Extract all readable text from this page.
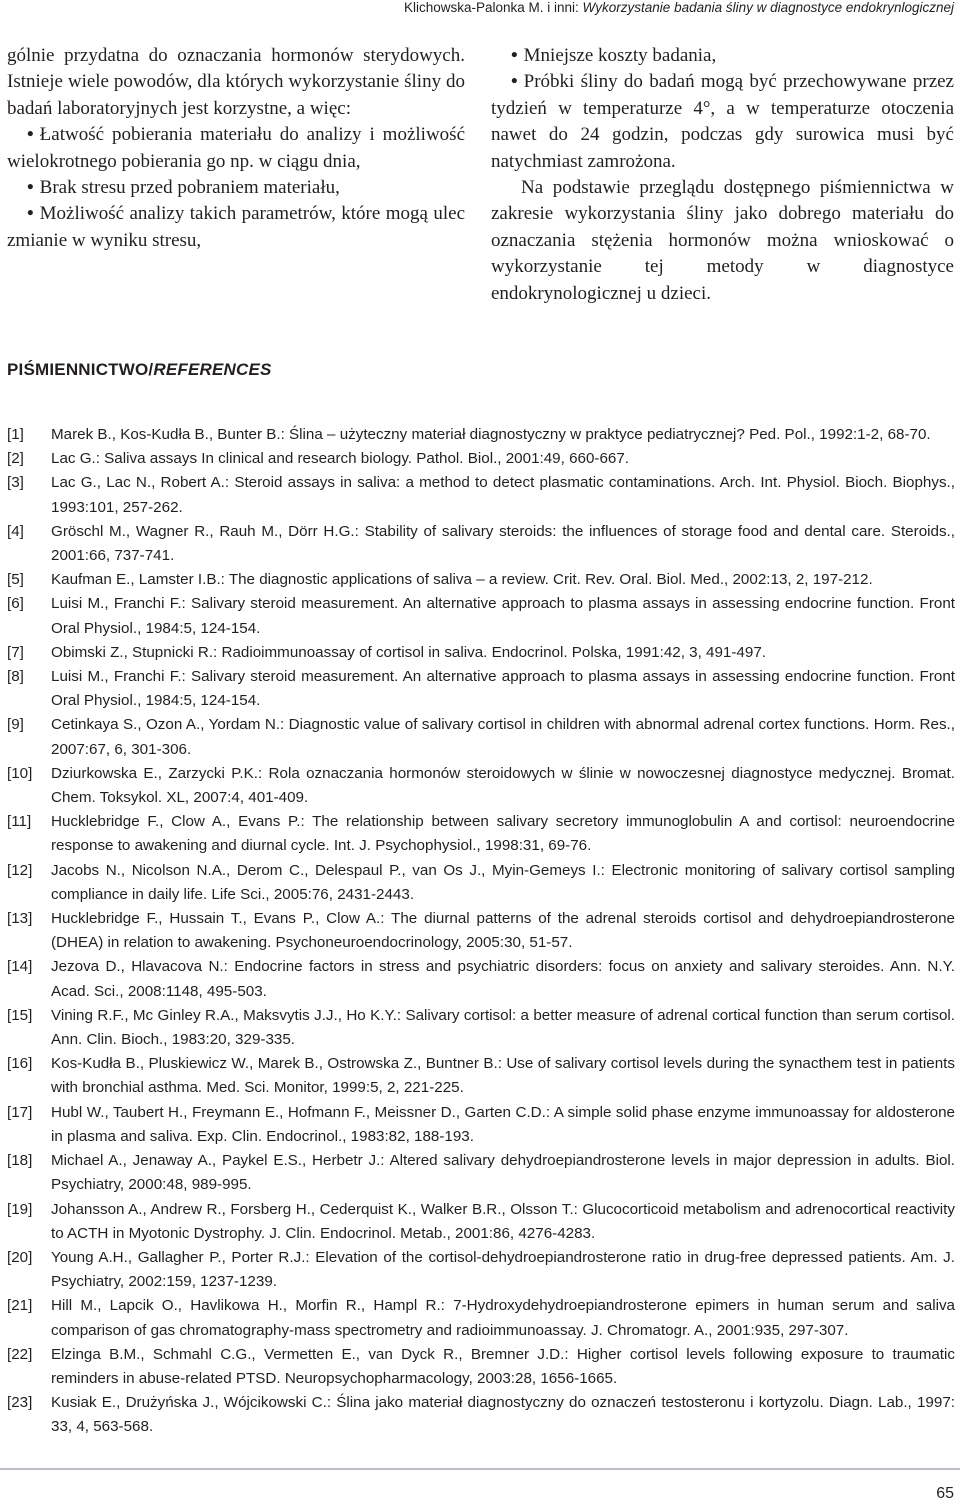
Klichowska-Palonka M. i inni: Wykorzystanie badania śliny w diagnostyce endokrynlogicznej

gólnie przydatna do oznaczania hormonów sterydowych. Istnieje wiele powodów, dla których wykorzystanie śliny do badań laboratoryjnych jest korzystne, a więc:

• Łatwość pobierania materiału do analizy i możliwość wielokrotnego pobierania go np. w ciągu dnia,

• Brak stresu przed pobraniem materiału,

• Możliwość analizy takich parametrów, które mogą ulec zmianie w wyniku stresu,

• Mniejsze koszty badania,

• Próbki śliny do badań mogą być przechowywane przez tydzień w temperaturze 4°, a w temperaturze otoczenia nawet do 24 godzin, podczas gdy surowica musi być natychmiast zamrożona.

Na podstawie przeglądu dostępnego piśmiennictwa w zakresie wykorzystania śliny jako dobrego materiału do oznaczania stężenia hormonów można wnioskować o wykorzystanie tej metody w diagnostyce endokrynologicznej u dzieci.

PIŚMIENNICTWO/REFERENCES
[1] Marek B., Kos-Kudła B., Bunter B.: Ślina – użyteczny materiał diagnostyczny w praktyce pediatrycznej? Ped. Pol., 1992:1-2, 68-70.
[2] Lac G.: Saliva assays In clinical and research biology. Pathol. Biol., 2001:49, 660-667.
[3] Lac G., Lac N., Robert A.: Steroid assays in saliva: a method to detect plasmatic contaminations. Arch. Int. Physiol. Bioch. Biophys., 1993:101, 257-262.
[4] Gröschl M., Wagner R., Rauh M., Dörr H.G.: Stability of salivary steroids: the influences of storage food and dental care. Steroids., 2001:66, 737-741.
[5] Kaufman E., Lamster I.B.: The diagnostic applications of saliva – a review. Crit. Rev. Oral. Biol. Med., 2002:13, 2, 197-212.
[6] Luisi M., Franchi F.: Salivary steroid measurement. An alternative approach to plasma assays in assessing endocrine function. Front Oral Physiol., 1984:5, 124-154.
[7] Obimski Z., Stupnicki R.: Radioimmunoassay of cortisol in saliva. Endocrinol. Polska, 1991:42, 3, 491-497.
[8] Luisi M., Franchi F.: Salivary steroid measurement. An alternative approach to plasma assays in assessing endocrine function. Front Oral Physiol., 1984:5, 124-154.
[9] Cetinkaya S., Ozon A., Yordam N.: Diagnostic value of salivary cortisol in children with abnormal adrenal cortex functions. Horm. Res., 2007:67, 6, 301-306.
[10] Dziurkowska E., Zarzycki P.K.: Rola oznaczania hormonów steroidowych w ślinie w nowoczesnej diagnostyce medycznej. Bromat. Chem. Toksykol. XL, 2007:4, 401-409.
[11] Hucklebridge F., Clow A., Evans P.: The relationship between salivary secretory immunoglobulin A and cortisol: neuroendocrine response to awakening and diurnal cycle. Int. J. Psychophysiol., 1998:31, 69-76.
[12] Jacobs N., Nicolson N.A., Derom C., Delespaul P., van Os J., Myin-Gemeys I.: Electronic monitoring of salivary cortisol sampling compliance in daily life. Life Sci., 2005:76, 2431-2443.
[13] Hucklebridge F., Hussain T., Evans P., Clow A.: The diurnal patterns of the adrenal steroids cortisol and dehydroepiandrosterone (DHEA) in relation to awakening. Psychoneuroendocrinology, 2005:30, 51-57.
[14] Jezova D., Hlavacova N.: Endocrine factors in stress and psychiatric disorders: focus on anxiety and salivary steroides. Ann. N.Y. Acad. Sci., 2008:1148, 495-503.
[15] Vining R.F., Mc Ginley R.A., Maksvytis J.J., Ho K.Y.: Salivary cortisol: a better measure of adrenal cortical function than serum cortisol. Ann. Clin. Bioch., 1983:20, 329-335.
[16] Kos-Kudła B., Pluskiewicz W., Marek B., Ostrowska Z., Buntner B.: Use of salivary cortisol levels during the synacthem test in patients with bronchial asthma. Med. Sci. Monitor, 1999:5, 2, 221-225.
[17] Hubl W., Taubert H., Freymann E., Hofmann F., Meissner D., Garten C.D.: A simple solid phase enzyme immunoassay for aldosterone in plasma and saliva. Exp. Clin. Endocrinol., 1983:82, 188-193.
[18] Michael A., Jenaway A., Paykel E.S., Herbetr J.: Altered salivary dehydroepiandrosterone levels in major depression in adults. Biol. Psychiatry, 2000:48, 989-995.
[19] Johansson A., Andrew R., Forsberg H., Cederquist K., Walker B.R., Olsson T.: Glucocorticoid metabolism and adrenocortical reactivity to ACTH in Myotonic Dystrophy. J. Clin. Endocrinol. Metab., 2001:86, 4276-4283.
[20] Young A.H., Gallagher P., Porter R.J.: Elevation of the cortisol-dehydroepiandrosterone ratio in drug-free depressed patients. Am. J. Psychiatry, 2002:159, 1237-1239.
[21] Hill M., Lapcik O., Havlikowa H., Morfin R., Hampl R.: 7-Hydroxydehydroepiandrosterone epimers in human serum and saliva comparison of gas chromatography-mass spectrometry and radioimmunoassay. J. Chromatogr. A., 2001:935, 297-307.
[22] Elzinga B.M., Schmahl C.G., Vermetten E., van Dyck R., Bremner J.D.: Higher cortisol levels following exposure to traumatic reminders in abuse-related PTSD. Neuropsychopharmacology, 2003:28, 1656-1665.
[23] Kusiak E., Drużyńska J., Wójcikowski C.: Ślina jako materiał diagnostyczny do oznaczeń testosteronu i kortyzolu. Diagn. Lab., 1997: 33, 4, 563-568.
65
